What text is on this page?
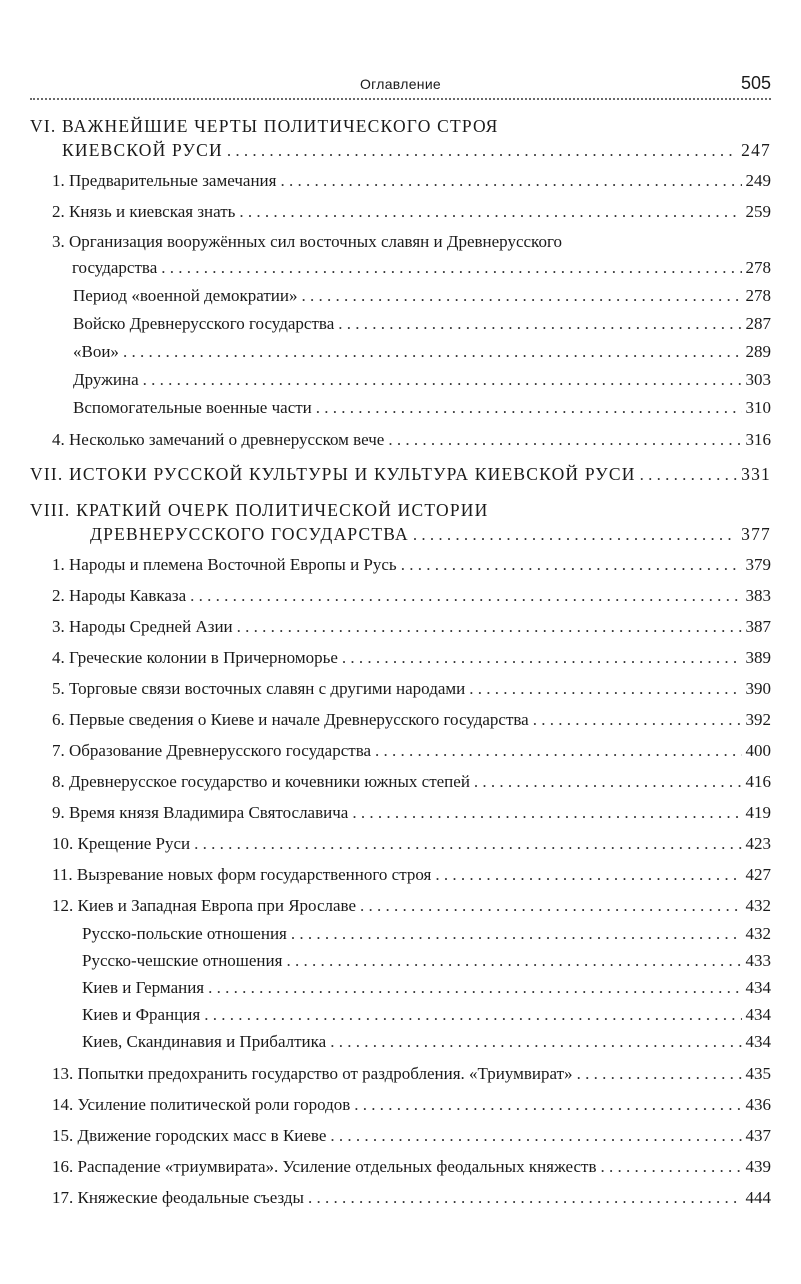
Оглавление	505
VI. ВАЖНЕЙШИЕ ЧЕРТЫ ПОЛИТИЧЕСКОГО СТРОЯ
КИЕВСКОЙ РУСИ . . .	247
1. Предварительные замечания . . .	249
2. Князь и киевская знать . . .	259
3. Организация вооружённых сил восточных славян и Древнерусского
государства . . .	278
Период «военной демократии» . . .	278
Войско Древнерусского государства . . .	287
«Вои» . . .	289
Дружина . . .	303
Вспомогательные военные части . . .	310
4. Несколько замечаний о древнерусском вече . . .	316
VII. ИСТОКИ РУССКОЙ КУЛЬТУРЫ И КУЛЬТУРА КИЕВСКОЙ РУСИ . . .	331
VIII. КРАТКИЙ ОЧЕРК ПОЛИТИЧЕСКОЙ ИСТОРИИ
ДРЕВНЕРУССКОГО ГОСУДАРСТВА . . .	377
1. Народы и племена Восточной Европы и Русь . . .	379
2. Народы Кавказа . . .	383
3. Народы Средней Азии . . .	387
4. Греческие колонии в Причерноморье . . .	389
5. Торговые связи восточных славян с другими народами . . .	390
6. Первые сведения о Киеве и начале Древнерусского государства . . .	392
7. Образование Древнерусского государства . . .	400
8. Древнерусское государство и кочевники южных степей . . .	416
9. Время князя Владимира Святославича . . .	419
10. Крещение Руси . . .	423
11. Вызревание новых форм государственного строя . . .	427
12. Киев и Западная Европа при Ярославе . . .	432
Русско-польские отношения . . .	432
Русско-чешские отношения . . .	433
Киев и Германия . . .	434
Киев и Франция . . .	434
Киев, Скандинавия и Прибалтика . . .	434
13. Попытки предохранить государство от раздробления. «Триумвират» . . .	435
14. Усиление политической роли городов . . .	436
15. Движение городских масс в Киеве . . .	437
16. Распадение «триумвирата». Усиление отдельных феодальных княжеств . . .	439
17. Княжеские феодальные съезды . . .	444
